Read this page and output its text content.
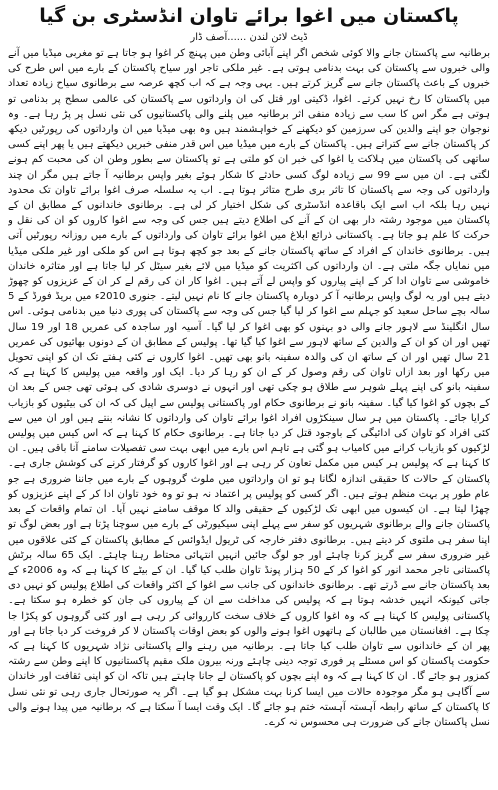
پاکستان میں اغوا برائے تاوان انڈسٹری بن گیا
ڈیٹ لائن لندن ......آصف ڈار

برطانیہ سے پاکستان جانے والا کوئی شخص اگر اپنے آبائی وطن میں پہنچ کر اغوا ہو جاتا ہے تو مغربی میڈیا میں آنے والی خبروں سے پاکستان کی بہت بدنامی ہوتی ہے۔ غیر ملکی تاجر اور سیاح پاکستان کے بارے میں اس طرح کی خبروں کے باعث پاکستان جانے سے گریز کرتے ہیں۔ یہی وجہ ہے کہ اب کچھ عرصہ سے برطانوی سیاح زیادہ تعداد میں پاکستان کا رخ نہیں کرتے۔ اغوا، ڈکیتی اور قتل کی ان وارداتوں سے پاکستان کی عالمی سطح پر بدنامی تو ہوتی ہے مگر اس کا سب سے زیادہ منفی اثر برطانیہ میں پلنے والی پاکستانیوں کی نئی نسل پر پڑ رہا ہے۔ وہ نوجوان جو اپنے والدین کی سرزمین کو دیکھنے کے خواہشمند ہیں وہ بھی میڈیا میں ان وارداتوں کی رپورٹیں دیکھ کر پاکستان جانے سے کتراتے ہیں۔ پاکستان کے بارے میں میڈیا میں اس قدر منفی خبریں دیکھتے ہیں یا پھر اپنے کسی ساتھی کی پاکستان میں ہلاکت یا اغوا کی خبر ان کو ملتی ہے تو پاکستان سے بطور وطن ان کی محبت کم ہونے لگتی ہے۔ ان میں سے 99 سے زیادہ لوگ کسی حادثے کا شکار ہوئے بغیر واپس برطانیہ آ جاتے ہیں مگر ان چند وارداتوں کی وجہ سے پاکستان کا تاثر بری طرح متاثر ہوتا ہے۔ اب یہ سلسلہ صرف اغوا برائے تاوان تک محدود نہیں رہا بلکہ اب اسے ایک باقاعدہ انڈسٹری کی شکل اختیار کر لی ہے۔ برطانوی خاندانوں کے مطابق ان کے پاکستان میں موجود رشتہ دار بھی ان کے آنے کی اطلاع دیتے ہیں جس کی وجہ سے اغوا کاروں کو ان کی نقل و حرکت کا علم ہو جاتا ہے۔ پاکستانی ذرائع ابلاغ میں اغوا برائے تاوان کی وارداتوں کے بارے میں روزانہ رپورٹیں آتی ہیں۔ برطانوی خاندان کے افراد کے ساتھ پاکستان جانے کے بعد جو کچھ ہوتا ہے اس کو ملکی اور غیر ملکی میڈیا میں نمایاں جگہ ملتی ہے۔ ان وارداتوں کی اکثریت کو میڈیا میں لائے بغیر سیٹل کر لیا جاتا ہے اور متاثرہ خاندان خاموشی سے تاوان ادا کر کے اپنے پیاروں کو واپس لے آتے ہیں۔ اغوا کار ان کی رقم لے کر ان کے عزیزوں کو چھوڑ دیتے ہیں اور یہ لوگ واپس برطانیہ آ کر دوبارہ پاکستان جانے کا نام نہیں لیتے۔ جنوری 2010ء میں بریڈ فورڈ کے 5 سالہ بچے ساحل سعید کو جہلم سے اغوا کر لیا گیا جس کی وجہ سے پاکستان کی پوری دنیا میں بدنامی ہوئی۔ اس سال انگلینڈ سے لاہور جانے والی دو بہنوں کو بھی اغوا کر لیا گیا۔ آسیہ اور ساجدہ کی عمریں 18 اور 19 سال تھیں اور ان کو ان کے والدین کے ساتھ لاہور سے اغوا کیا گیا تھا۔ پولیس کے مطابق ان کے دونوں بھائیوں کی عمریں 21 سال تھیں اور ان کے ساتھ ان کی والدہ سفینہ بانو بھی تھیں۔ اغوا کاروں نے کئی ہفتے تک ان کو اپنی تحویل میں رکھا اور بعد ازاں تاوان کی رقم وصول کر کے ان کو رہا کر دیا۔ ایک اور واقعہ میں پولیس کا کہنا ہے کہ سفینہ بانو کی اپنے پہلے شوہر سے طلاق ہو چکی تھی اور انہوں نے دوسری شادی کی ہوئی تھی جس کے بعد ان کے بچوں کو اغوا کیا گیا۔ سفینہ بانو نے برطانوی حکام اور پاکستانی پولیس سے اپیل کی کہ ان کی بیٹیوں کو بازیاب کرایا جائے۔ پاکستان میں ہر سال سینکڑوں افراد اغوا برائے تاوان کی وارداتوں کا نشانہ بنتے ہیں اور ان میں سے کئی افراد کو تاوان کی ادائیگی کے باوجود قتل کر دیا جاتا ہے۔ برطانوی حکام کا کہنا ہے کہ اس کیس میں پولیس لڑکیوں کو بازیاب کرانے میں کامیاب ہو گئی ہے تاہم اس بارے میں ابھی بہت سی تفصیلات سامنے آنا باقی ہیں۔ ان کا کہنا ہے کہ پولیس ہر کیس میں مکمل تعاون کر رہی ہے اور اغوا کاروں کو گرفتار کرنے کی کوشش جاری ہے۔ پاکستان کے حالات کا حقیقی اندازہ لگانا ہو تو ان وارداتوں میں ملوث گروہوں کے بارے میں جاننا ضروری ہے جو عام طور پر بہت منظم ہوتے ہیں۔ اگر کسی کو پولیس پر اعتماد نہ ہو تو وہ خود تاوان ادا کر کے اپنے عزیزوں کو چھڑا لیتا ہے۔ ان کیسوں میں ابھی تک لڑکیوں کے حقیقی والد کا موقف سامنے نہیں آیا۔ ان تمام واقعات کے بعد پاکستان جانے والے برطانوی شہریوں کو سفر سے پہلے اپنی سیکیورٹی کے بارے میں سوچنا پڑتا ہے اور بعض لوگ تو اپنا سفر ہی ملتوی کر دیتے ہیں۔ برطانوی دفتر خارجہ کی ٹریول ایڈوائس کے مطابق پاکستان کے کئی علاقوں میں غیر ضروری سفر سے گریز کرنا چاہئے اور جو لوگ جائیں انہیں انتہائی محتاط رہنا چاہئے۔ ایک 65 سالہ برٹش پاکستانی تاجر محمد انور کو اغوا کر کے 50 ہزار پونڈ تاوان طلب کیا گیا۔ ان کے بیٹے کا کہنا ہے کہ وہ 2006ء کے بعد پاکستان جانے سے ڈرتے تھے۔ برطانوی خاندانوں کی جانب سے اغوا کے اکثر واقعات کی اطلاع پولیس کو نہیں دی جاتی کیونکہ انہیں خدشہ ہوتا ہے کہ پولیس کی مداخلت سے ان کے پیاروں کی جان کو خطرہ ہو سکتا ہے۔ پاکستانی پولیس کا کہنا ہے کہ وہ اغوا کاروں کے خلاف سخت کارروائی کر رہی ہے اور کئی گروہوں کو پکڑا جا چکا ہے۔ افغانستان میں طالبان کے ہاتھوں اغوا ہونے والوں کو بعض اوقات پاکستان لا کر فروخت کر دیا جاتا ہے اور پھر ان کے خاندانوں سے تاوان طلب کیا جاتا ہے۔ برطانیہ میں رہنے والے پاکستانی نژاد شہریوں کا کہنا ہے کہ حکومت پاکستان کو اس مسئلے پر فوری توجہ دینی چاہئے ورنہ بیرون ملک مقیم پاکستانیوں کا اپنے وطن سے رشتہ کمزور ہو جائے گا۔ ان کا کہنا ہے کہ وہ اپنے بچوں کو پاکستان لے جانا چاہتے ہیں تاکہ ان کو اپنی ثقافت اور خاندان سے آگاہی ہو مگر موجودہ حالات میں ایسا کرنا بہت مشکل ہو گیا ہے۔ اگر یہ صورتحال جاری رہی تو نئی نسل کا پاکستان کے ساتھ رابطہ آہستہ آہستہ ختم ہو جائے گا۔ ایک وقت ایسا آ سکتا ہے کہ برطانیہ میں پیدا ہونے والی نسل پاکستان جانے کی ضرورت ہی محسوس نہ کرے۔
